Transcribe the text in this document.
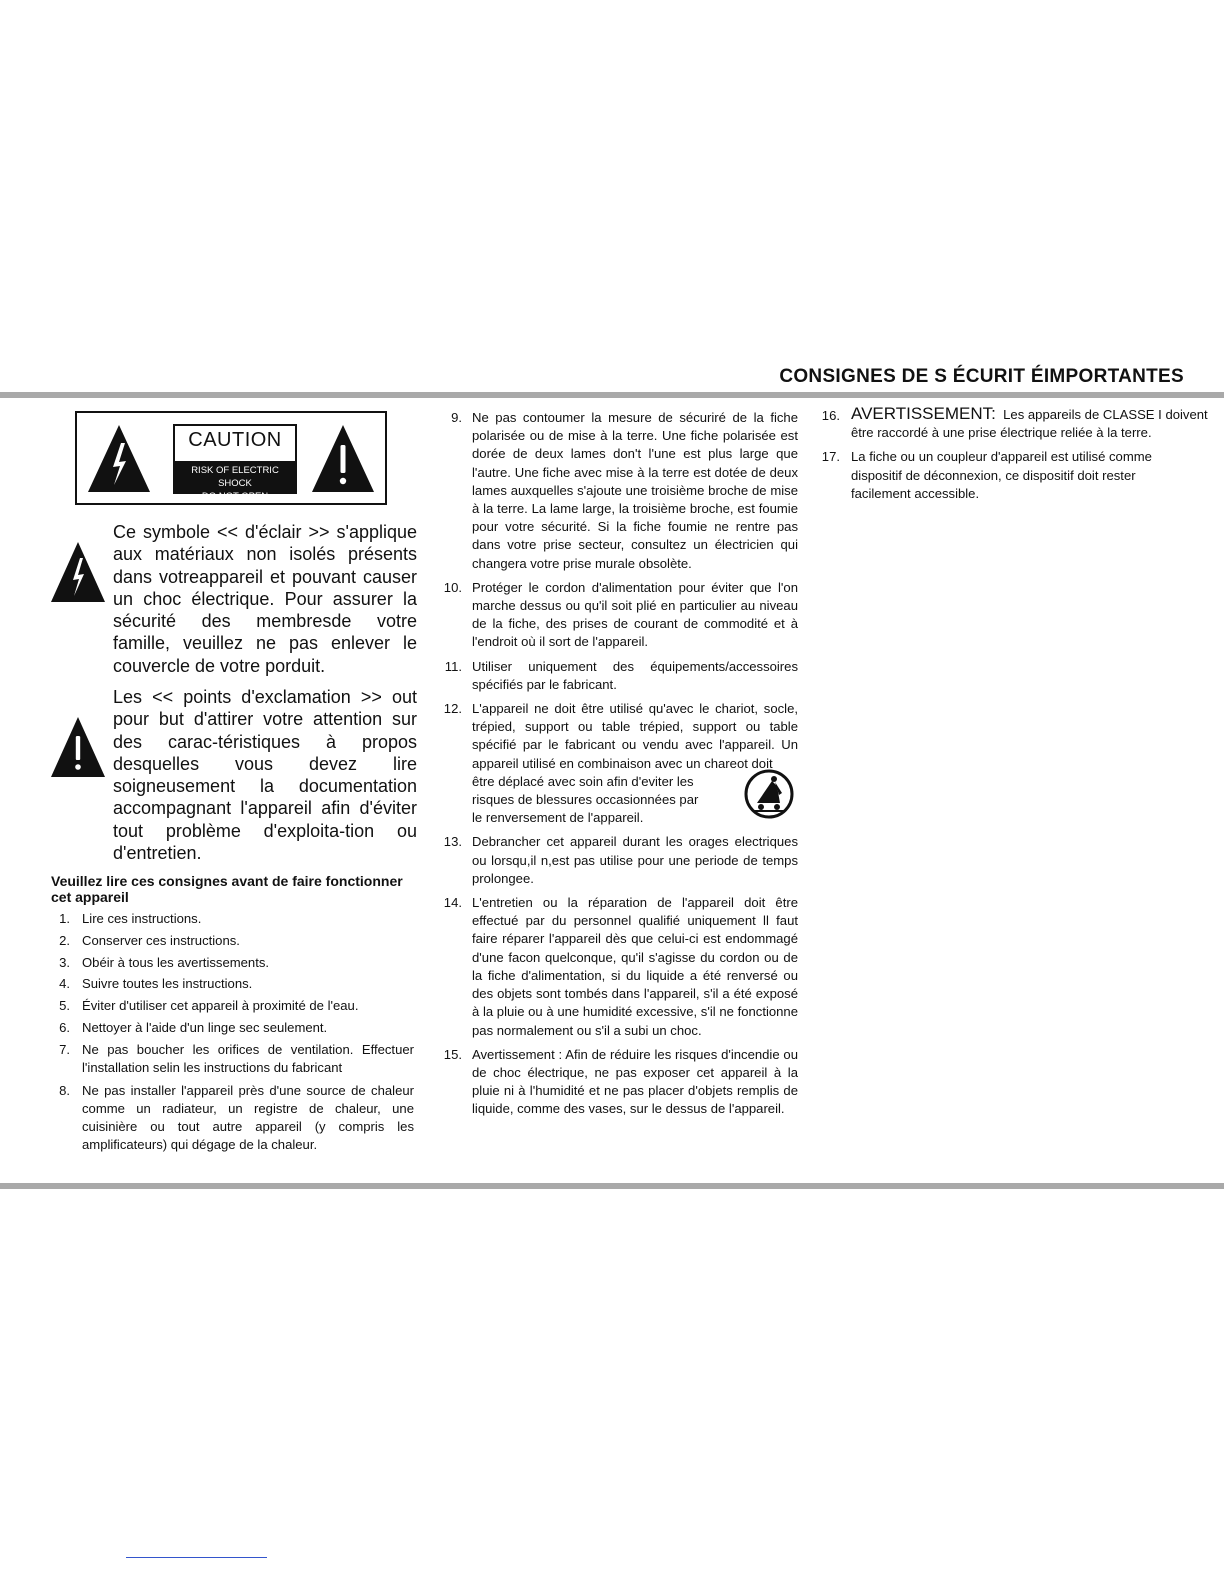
CONSIGNES DE S ÉCURIT ÉIMPORTANTES
CAUTION
RISK OF ELECTRIC SHOCK
DO NOT OPEN

Ce symbole << d'éclair >> s'applique aux matériaux non isolés présents dans votreappareil et pouvant causer un choc électrique. Pour assurer la sécurité des membresde votre famille, veuillez ne pas enlever le couvercle de votre porduit.

Les << points d'exclamation >> out pour but d'attirer votre attention sur des carac-téristiques à propos desquelles vous devez lire soigneusement la documentation accompagnant l'appareil afin d'éviter tout problème d'exploita-tion ou d'entretien.

Veuillez lire ces consignes avant de faire fonctionner cet appareil

1. Lire ces instructions.

2. Conserver ces instructions.

3. Obéir à tous les avertissements.

4. Suivre toutes les instructions.

5. Éviter d'utiliser cet appareil à proximité de l'eau.

6. Nettoyer à l'aide d'un linge sec seulement.

7. Ne pas boucher les orifices de ventilation. Effectuer l'installation selin les instructions du fabricant

8. Ne pas installer l'appareil près d'une source de chaleur comme un radiateur, un registre de chaleur, une cuisinière ou tout autre appareil (y compris les amplificateurs) qui dégage de la chaleur.

9. Ne pas contoumer la mesure de sécuriré de la fiche polarisée ou de mise à la terre. Une fiche polarisée est dorée de deux lames don't l'une est plus large que l'autre. Une fiche avec mise à la terre est dotée de deux lames auxquelles s'ajoute une troisième broche de mise à la terre. La lame large, la troisième broche, est foumie pour votre sécurité. Si la fiche foumie ne rentre pas dans votre prise secteur, consultez un électricien qui changera votre prise murale obsolète.

10. Protéger le cordon d'alimentation pour éviter que l'on marche dessus ou qu'il soit plié en particulier au niveau de la fiche, des prises de courant de commodité et à l'endroit où il sort de l'appareil.

11. Utiliser uniquement des équipements/accessoires spécifiés par le fabricant.

12. L'appareil ne doit être utilisé qu'avec le chariot, socle, trépied, support ou table trépied, support ou table spécifié par le fabricant ou vendu avec l'appareil. Un appareil utilisé en combinaison avec un chareot doit
être déplacé avec soin afin d'eviter les
risques de blessures occasionnées par
le renversement de l'appareil.

13. Debrancher cet appareil durant les orages electriques ou lorsqu,il n,est pas utilise pour une periode de temps prolongee.

14. L'entretien ou la réparation de l'appareil doit être effectué par du personnel qualifié uniquement ll faut faire réparer l'appareil dès que celui-ci est endommagé d'une facon quelconque, qu'il s'agisse du cordon ou de la fiche d'alimentation, si du liquide a été renversé ou des objets sont tombés dans l'appareil, s'il a été exposé à la pluie ou à une humidité excessive, s'il ne fonctionne pas normalement ou s'il a subi un choc.

15. Avertissement : Afin de réduire les risques d'incendie ou de choc électrique, ne pas exposer cet appareil à la pluie ni à l'humidité et ne pas placer d'objets remplis de liquide, comme des vases, sur le dessus de l'appareil.

16. AVERTISSEMENT: Les appareils de CLASSE I doivent
être raccordé à une prise électrique reliée à la terre.
17. La fiche ou un coupleur d'appareil est utilisé comme
dispositif de déconnexion, ce dispositif doit rester
facilement accessible.
